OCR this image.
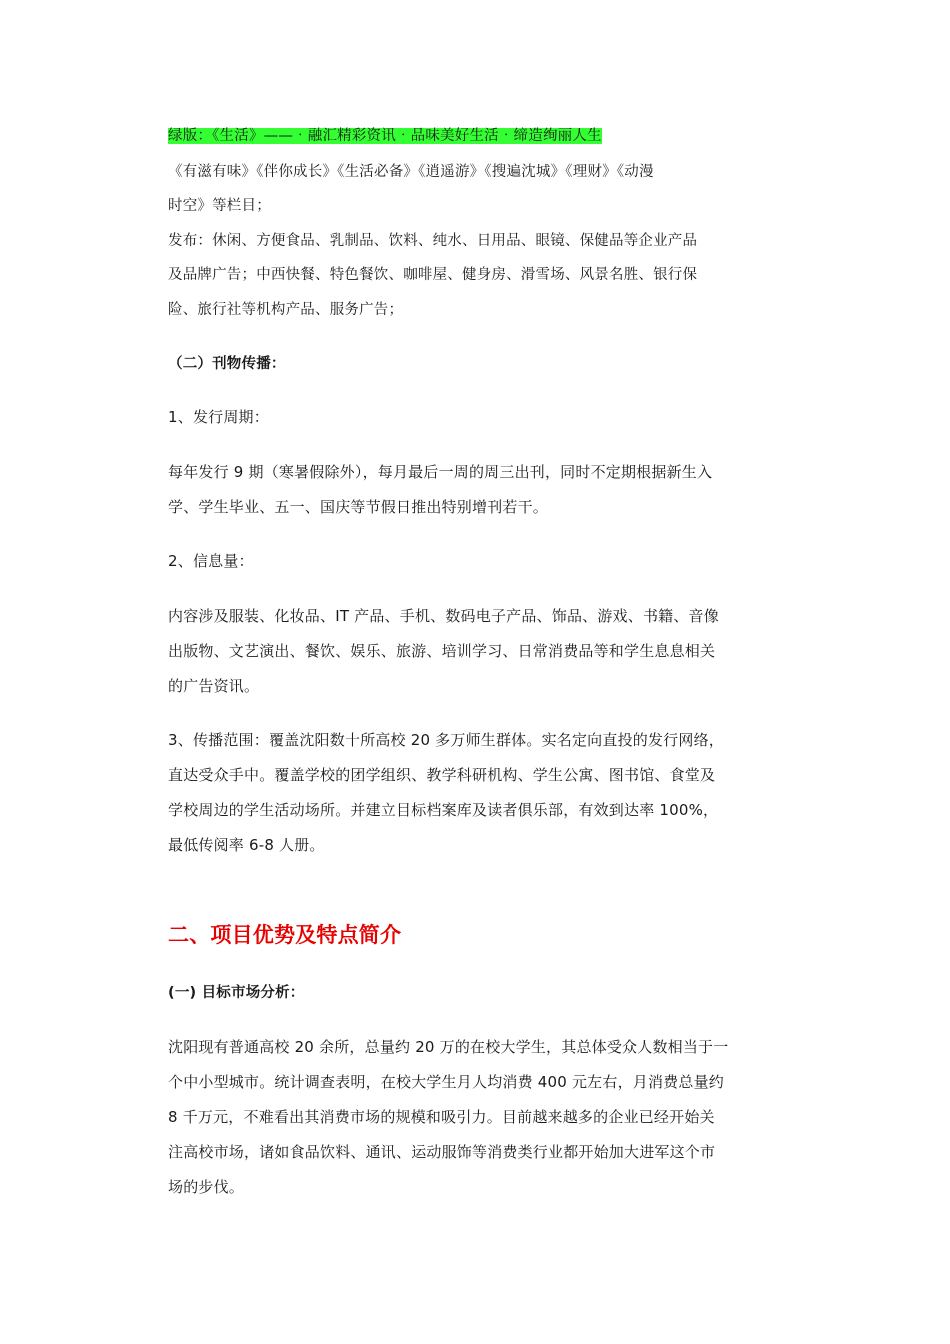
绿版：《生活》——‧融汇精彩资讯‧品味美好生活‧缔造绚丽人生
《有滋有味》《伴你成长》《生活必备》《逍遥游》《搜遍沈城》《理财》《动漫
时空》等栏目；
发布：休闲、方便食品、乳制品、饮料、纯水、日用品、眼镜、保健品等企业产品
及品牌广告；中西快餐、特色餐饮、咖啡屋、健身房、滑雪场、风景名胜、银行保
险、旅行社等机构产品、服务广告；
（二）刊物传播：
1、发行周期：
每年发行 9 期（寒暑假除外），每月最后一周的周三出刊，同时不定期根据新生入
学、学生毕业、五一、国庆等节假日推出特别增刊若干。
2、信息量：
内容涉及服装、化妆品、IT 产品、手机、数码电子产品、饰品、游戏、书籍、音像
出版物、文艺演出、餐饮、娱乐、旅游、培训学习、日常消费品等和学生息息相关
的广告资讯。
3、传播范围：覆盖沈阳数十所高校 20 多万师生群体。实名定向直投的发行网络，
直达受众手中。覆盖学校的团学组织、教学科研机构、学生公寓、图书馆、食堂及
学校周边的学生活动场所。并建立目标档案库及读者俱乐部，有效到达率 100%，
最低传阅率 6-8 人册。
二、项目优势及特点简介
(一) 目标市场分析：
沈阳现有普通高校 20 余所，总量约 20 万的在校大学生，其总体受众人数相当于一
个中小型城市。统计调查表明，在校大学生月人均消费 400 元左右，月消费总量约
8 千万元，不难看出其消费市场的规模和吸引力。目前越来越多的企业已经开始关
注高校市场，诸如食品饮料、通讯、运动服饰等消费类行业都开始加大进军这个市
场的步伐。
